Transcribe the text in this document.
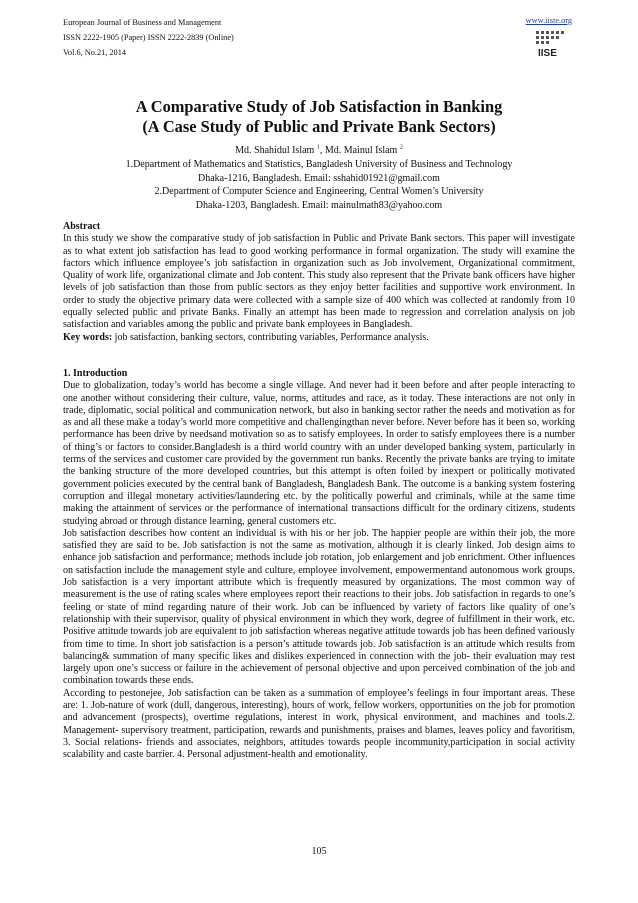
European Journal of Business and Management
ISSN 2222-1905 (Paper) ISSN 2222-2839 (Online)
Vol.6, No.21, 2014
www.iiste.org
IISE
A Comparative Study of Job Satisfaction in Banking
(A Case Study of Public and Private Bank Sectors)
Md. Shahidul Islam $^1$, Md. Mainul Islam $^2$
1.Department of Mathematics and Statistics, Bangladesh University of Business and Technology
Dhaka-1216, Bangladesh. Email: sshahid01921@gmail.com
2.Department of Computer Science and Engineering, Central Women’s University
Dhaka-1203, Bangladesh. Email: mainulmath83@yahoo.com

Abstract

In this study we show the comparative study of job satisfaction in Public and Private Bank sectors. This paper will investigate as to what extent job satisfaction has lead to good working performance in formal organization. The study will examine the factors which influence employee’s job satisfaction in organization such as Job involvement, Organizational commitment, Quality of work life, organizational climate and Job content. This study also represent that the Private bank officers have higher levels of job satisfaction than those from public sectors as they enjoy better facilities and supportive work environment. In order to study the objective primary data were collected with a sample size of 400 which was collected at randomly from 10 equally selected public and private Banks. Finally an attempt has been made to regression and correlation analysis on job satisfaction and variables among the public and private bank employees in Bangladesh.

Key words: job satisfaction, banking sectors, contributing variables, Performance analysis.

1. Introduction

Due to globalization, today’s world has become a single village. And never had it been before and after people interacting to one another without considering their culture, value, norms, attitudes and race, as it today. These interactions are not only in trade, diplomatic, social political and communication network, but also in banking sector rather the needs and motivation as for as and all these make a today’s world more competitive and challengingthan never before. Never before has it been so, working performance has been drive by needsand motivation so as to satisfy employees. In order to satisfy employees there is a number of thing’s or factors to consider.Bangladesh is a third world country with an under developed banking system, particularly in terms of the services and customer care provided by the government run banks. Recently the private banks are trying to imitate the banking structure of the more developed countries, but this attempt is often foiled by inexpert or politically motivated government policies executed by the central bank of Bangladesh, Bangladesh Bank. The outcome is a banking system fostering corruption and illegal monetary activities/laundering etc. by the politically powerful and criminals, while at the same time making the attainment of services or the performance of international transactions difficult for the ordinary citizens, students studying abroad or through distance learning, general customers etc.

Job satisfaction describes how content an individual is with his or her job. The happier people are within their job, the more satisfied they are said to be. Job satisfaction is not the same as motivation, although it is clearly linked. Job design aims to enhance job satisfaction and performance; methods include job rotation, job enlargement and job enrichment. Other influences on satisfaction include the management style and culture, employee involvement, empowermentand autonomous work groups. Job satisfaction is a very important attribute which is frequently measured by organizations. The most common way of measurement is the use of rating scales where employees report their reactions to their jobs. Job satisfaction in regards to one’s feeling or state of mind regarding nature of their work. Job can be influenced by variety of factors like quality of one’s relationship with their supervisor, quality of physical environment in which they work, degree of fulfillment in their work, etc. Positive attitude towards job are equivalent to job satisfaction whereas negative attitude towards job has been defined variously from time to time. In short job satisfaction is a person’s attitude towards job. Job satisfaction is an attitude which results from balancing& summation of many specific likes and dislikes experienced in connection with the job- their evaluation may rest largely upon one’s success or failure in the achievement of personal objective and upon perceived combination of the job and combination towards these ends.

According to pestonejee, Job satisfaction can be taken as a summation of employee’s feelings in four important areas. These are: 1. Job-nature of work (dull, dangerous, interesting), hours of work, fellow workers, opportunities on the job for promotion and advancement (prospects), overtime regulations, interest in work, physical environment, and machines and tools.2. Management- supervisory treatment, participation, rewards and punishments, praises and blames, leaves policy and favoritism, 3. Social relations- friends and associates, neighbors, attitudes towards people incommunity,participation in social activity scalability and caste barrier. 4. Personal adjustment-health and emotionality.

105
